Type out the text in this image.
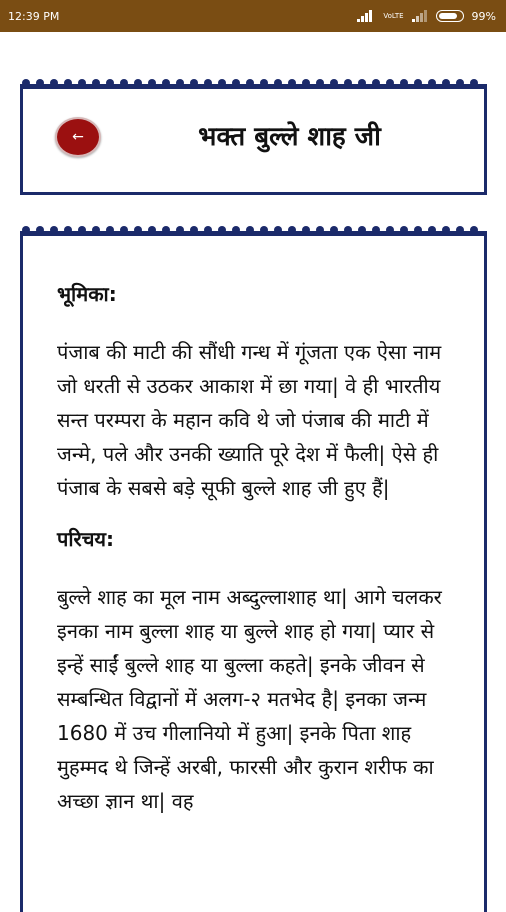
12:39 PM	VoLTE	99%
←	भक्त बुल्ले शाह जी
भूमिका:
पंजाब की माटी की सौंधी गन्ध में गूंजता एक ऐसा नाम जो धरती से उठकर आकाश में छा गया| वे ही भारतीय सन्त परम्परा के महान कवि थे जो पंजाब की माटी में जन्मे, पले और उनकी ख्याति पूरे देश में फैली| ऐसे ही पंजाब के सबसे बड़े सूफी बुल्ले शाह जी हुए हैं|
परिचय:
बुल्ले शाह का मूल नाम अब्दुल्लाशाह था| आगे चलकर इनका नाम बुल्ला शाह या बुल्ले शाह हो गया| प्यार से इन्हें साईं बुल्ले शाह या बुल्ला कहते| इनके जीवन से सम्बन्धित विद्वानों में अलग-२ मतभेद है| इनका जन्म 1680 में उच गीलानियो में हुआ| इनके पिता शाह मुहम्मद थे जिन्हें अरबी, फारसी और कुरान शरीफ का अच्छा ज्ञान था| वह
